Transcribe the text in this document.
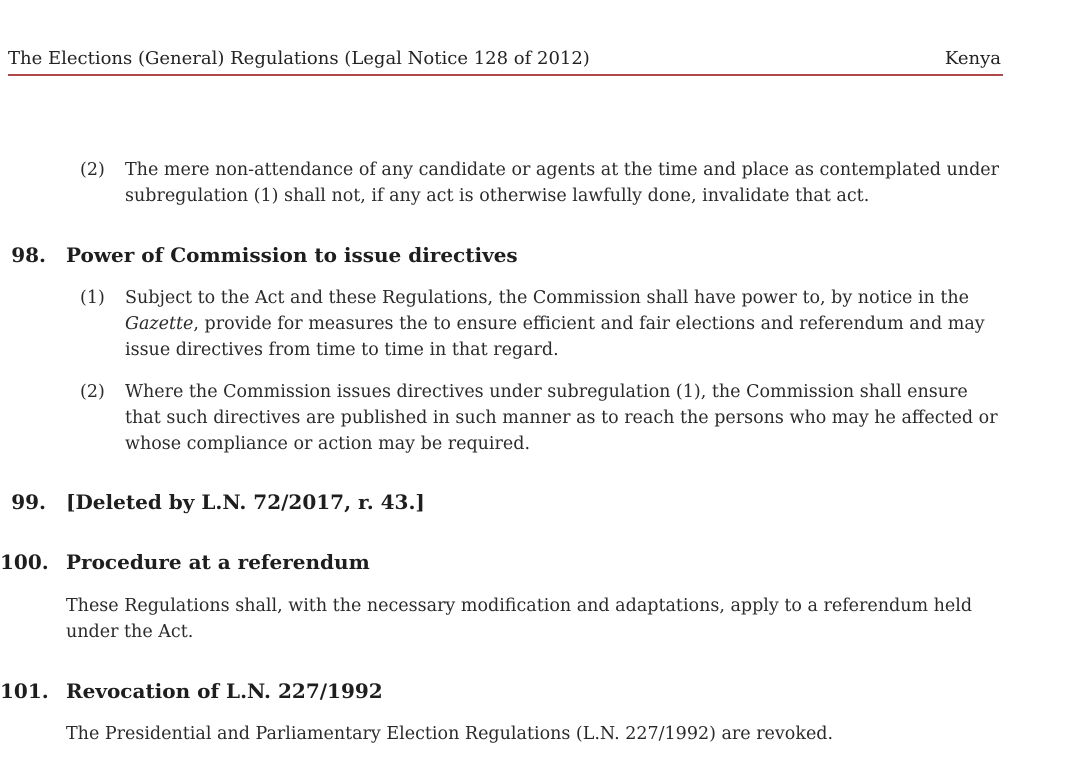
The Elections (General) Regulations (Legal Notice 128 of 2012)	Kenya
(2) The mere non-attendance of any candidate or agents at the time and place as contemplated under subregulation (1) shall not, if any act is otherwise lawfully done, invalidate that act.
98. Power of Commission to issue directives
(1) Subject to the Act and these Regulations, the Commission shall have power to, by notice in the
Gazette, provide for measures the to ensure efficient and fair elections and referendum and may issue directives from time to time in that regard.
(2) Where the Commission issues directives under subregulation (1), the Commission shall ensure that such directives are published in such manner as to reach the persons who may he affected or whose compliance or action may be required.
99. [Deleted by L.N. 72/2017, r. 43.]
100. Procedure at a referendum
These Regulations shall, with the necessary modification and adaptations, apply to a referendum held under the Act.
101. Revocation of L.N. 227/1992
The Presidential and Parliamentary Election Regulations (L.N. 227/1992) are revoked.
